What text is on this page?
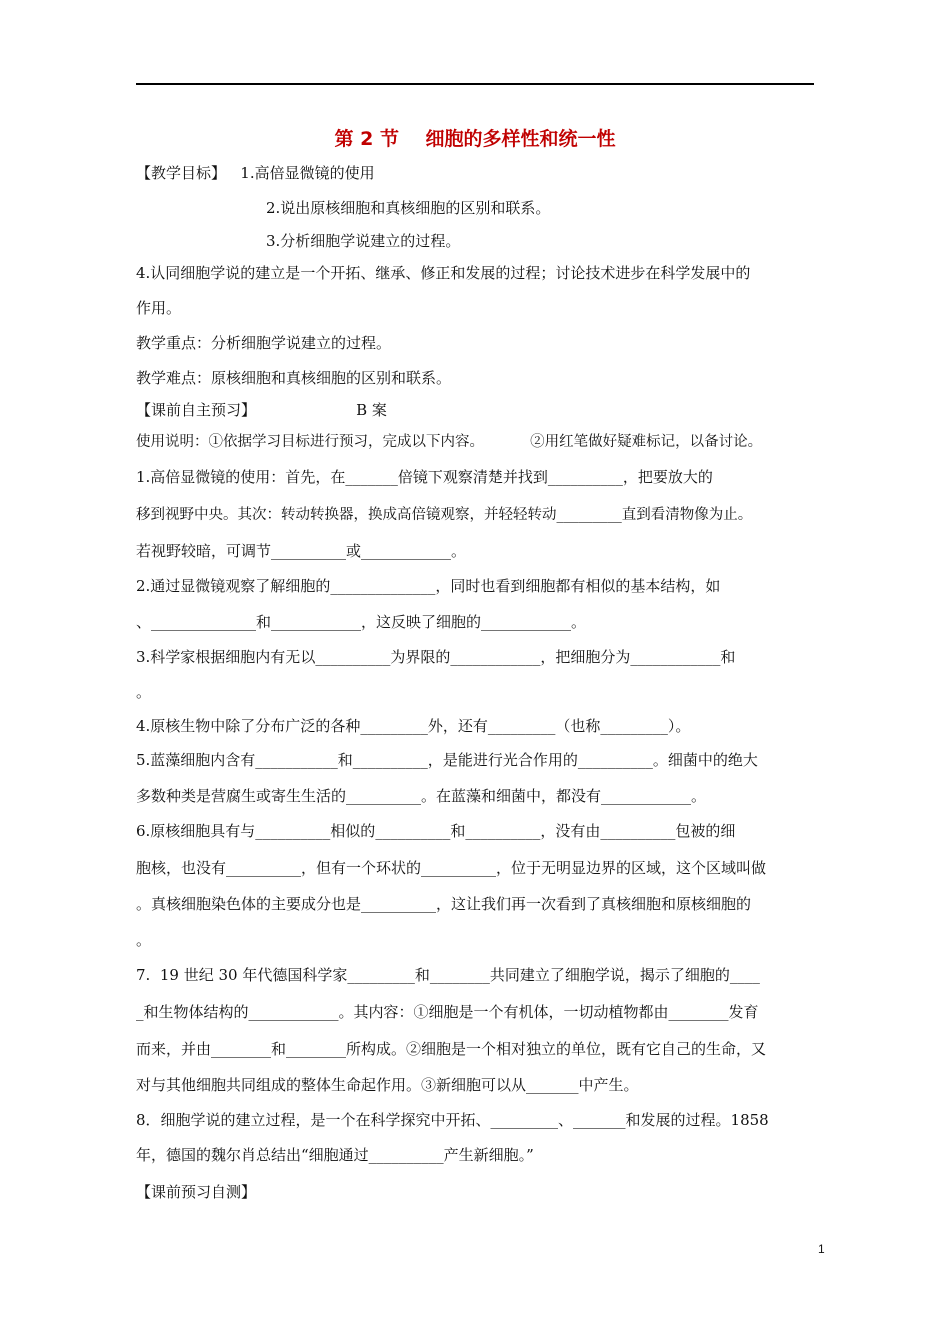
第 2 节    细胞的多样性和统一性
【教学目标】   1.高倍显微镜的使用
2.说出原核细胞和真核细胞的区别和联系。
3.分析细胞学说建立的过程。
4.认同细胞学说的建立是一个开拓、继承、修正和发展的过程；讨论技术进步在科学发展中的
作用。
教学重点：分析细胞学说建立的过程。
教学难点：原核细胞和真核细胞的区别和联系。
【课前自主预习】                     B 案
使用说明：①依据学习目标进行预习，完成以下内容。          ②用红笔做好疑难标记，以备讨论。
1.高倍显微镜的使用：首先，在_______倍镜下观察清楚并找到__________，把要放大的
移到视野中央。其次：转动转换器，换成高倍镜观察，并轻轻转动_________直到看清物像为止。
若视野较暗，可调节__________或____________。
2.通过显微镜观察了解细胞的______________，同时也看到细胞都有相似的基本结构，如
、______________和____________，这反映了细胞的____________。
3.科学家根据细胞内有无以__________为界限的____________，把细胞分为____________和
。
4.原核生物中除了分布广泛的各种_________外，还有_________（也称_________）。
5.蓝藻细胞内含有___________和__________，是能进行光合作用的__________。细菌中的绝大
多数种类是营腐生或寄生生活的__________。在蓝藻和细菌中，都没有____________。
6.原核细胞具有与__________相似的__________和__________，没有由__________包被的细
胞核，也没有__________，但有一个环状的__________，位于无明显边界的区域，这个区域叫做
。真核细胞染色体的主要成分也是__________，这让我们再一次看到了真核细胞和原核细胞的
。
7.  19 世纪 30 年代德国科学家_________和________共同建立了细胞学说，揭示了细胞的____
_和生物体结构的____________。其内容：①细胞是一个有机体，一切动植物都由________发育
而来，并由________和________所构成。②细胞是一个相对独立的单位，既有它自己的生命，又
对与其他细胞共同组成的整体生命起作用。③新细胞可以从_______中产生。
8．细胞学说的建立过程，是一个在科学探究中开拓、_________、_______和发展的过程。1858
年，德国的魏尔肖总结出“细胞通过__________产生新细胞。”
【课前预习自测】
1
